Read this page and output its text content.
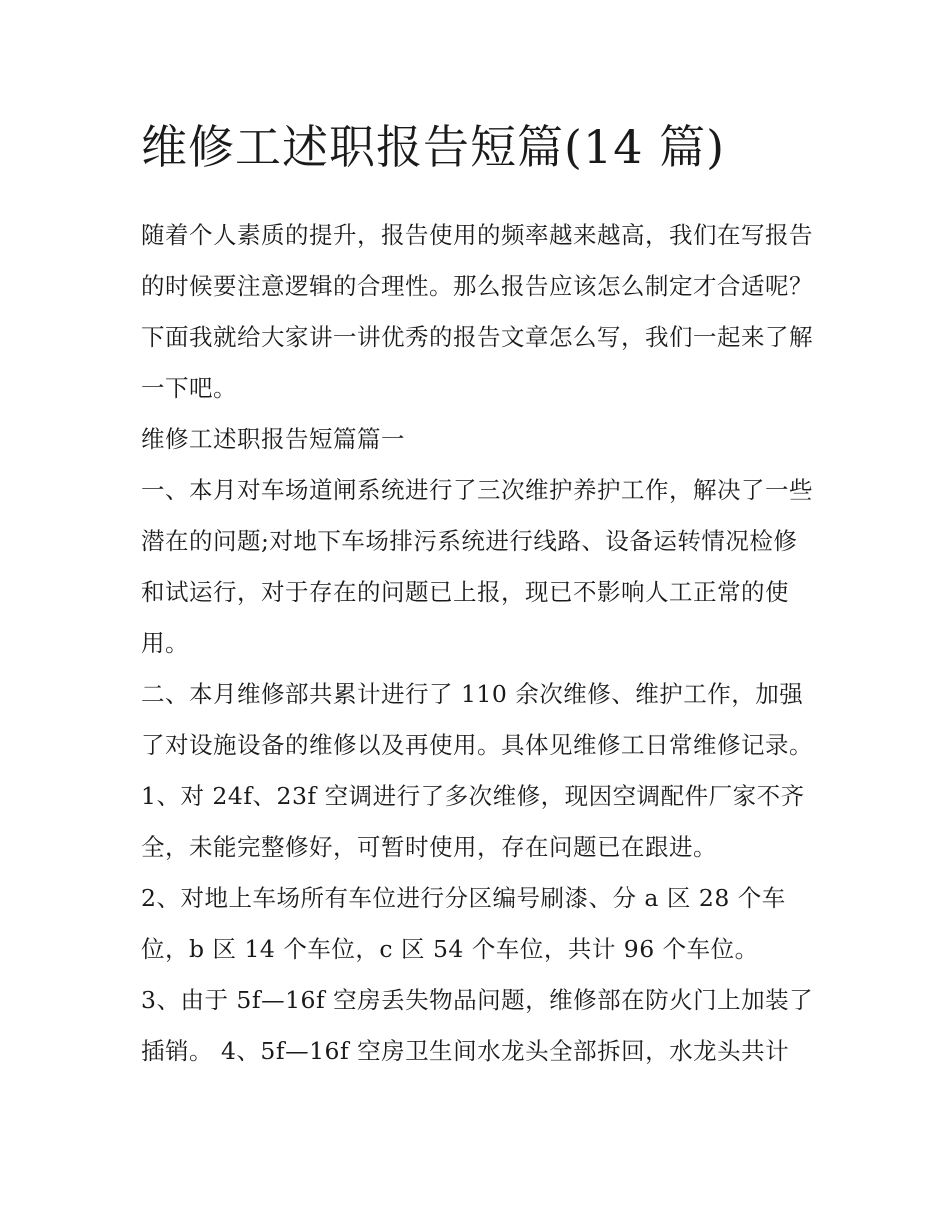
维修工述职报告短篇(14 篇)

随着个人素质的提升，报告使用的频率越来越高，我们在写报告的时候要注意逻辑的合理性。那么报告应该怎么制定才合适呢？下面我就给大家讲一讲优秀的报告文章怎么写，我们一起来了解一下吧。

维修工述职报告短篇篇一

一、本月对车场道闸系统进行了三次维护养护工作，解决了一些潜在的问题;对地下车场排污系统进行线路、设备运转情况检修和试运行，对于存在的问题已上报，现已不影响人工正常的使用。

二、本月维修部共累计进行了 110 余次维修、维护工作，加强了对设施设备的维修以及再使用。具体见维修工日常维修记录。

1、对 24f、23f 空调进行了多次维修，现因空调配件厂家不齐全，未能完整修好，可暂时使用，存在问题已在跟进。

2、对地上车场所有车位进行分区编号刷漆、分 a 区 28 个车位，b 区 14 个车位，c 区 54 个车位，共计 96 个车位。

3、由于 5f—16f 空房丢失物品问题，维修部在防火门上加装了插销。 4、5f—16f 空房卫生间水龙头全部拆回，水龙头共计
